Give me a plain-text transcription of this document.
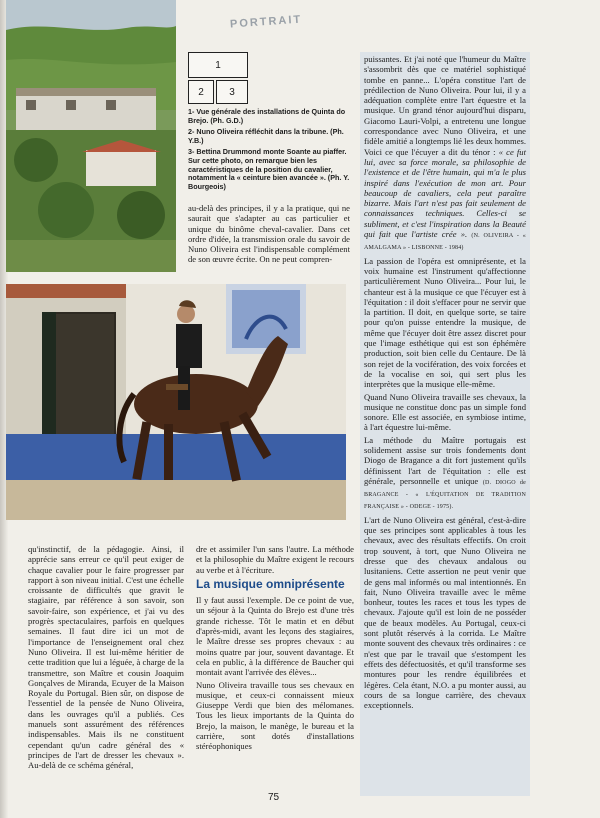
PORTRAIT
1
2	3

1- Vue générale des installations de Quinta do Brejo. (Ph. G.D.)

2- Nuno Oliveira réfléchit dans la tribune. (Ph. Y.B.)

3- Bettina Drummond monte Soante au piaffer. Sur cette photo, on remarque bien les caractéristiques de la position du cavalier, notamment la « ceinture bien avancée ». (Ph. Y. Bourgeois)

au-delà des principes, il y a la pratique, qui ne saurait que s'adapter au cas particulier et unique du binôme cheval-cavalier. Dans cet ordre d'idée, la transmission orale du savoir de Nuno Oliveira est l'indispensable complément de son œuvre écrite. On ne peut compren-

qu'instinctif, de la pédagogie. Ainsi, il apprécie sans erreur ce qu'il peut exiger de chaque cavalier pour le faire progresser par rapport à son niveau initial. C'est une échelle croissante de difficultés que gravit le stagiaire, par référence à son savoir, son savoir-faire, son expérience, et j'ai vu des progrès spectaculaires, parfois en quelques semaines. Il faut dire ici un mot de l'importance de l'enseignement oral chez Nuno Oliveira. Il est lui-même héritier de cette tradition que lui a léguée, à charge de la transmettre, son Maître et cousin Joaquim Gonçalves de Miranda, Ecuyer de la Maison Royale du Portugal. Bien sûr, on dispose de l'essentiel de la pensée de Nuno Oliveira, dans les ouvrages qu'il a publiés. Ces manuels sont assurément des références indispensables. Mais ils ne constituent cependant qu'un cadre général des « principes de l'art de dresser les chevaux ». Au-delà de ce schéma général,

dre et assimiler l'un sans l'autre. La méthode et la philosophie du Maître exigent le recours au verbe et à l'écriture.

La musique omniprésente

Il y faut aussi l'exemple. De ce point de vue, un séjour à la Quinta do Brejo est d'une très grande richesse. Tôt le matin et en début d'après-midi, avant les leçons des stagiaires, le Maître dresse ses propres chevaux : au moins quatre par jour, souvent davantage. Et cela en public, à la différence de Baucher qui montait avant l'arrivée des élèves...

Nuno Oliveira travaille tous ses chevaux en musique, et ceux-ci connaissent mieux Giuseppe Verdi que bien des mélomanes. Tous les lieux importants de la Quinta do Brejo, la maison, le manège, le bureau et la carrière, sont dotés d'installations stéréophoniques

puissantes. Et j'ai noté que l'humeur du Maître s'assombrit dès que ce matériel sophistiqué tombe en panne... L'opéra constitue l'art de prédilection de Nuno Oliveira. Pour lui, il y a adéquation complète entre l'art équestre et la musique. Un grand ténor aujourd'hui disparu, Giacomo Lauri-Volpi, a entretenu une longue correspondance avec Nuno Oliveira, et une fidèle amitié a longtemps lié les deux hommes. Voici ce que l'écuyer a dit du ténor : « ce fut lui, avec sa force morale, sa philosophie de l'existence et de l'être humain, qui m'a le plus inspiré dans l'exécution de mon art. Pour beaucoup de cavaliers, cela peut paraître bizarre. Mais l'art n'est pas fait seulement de connaissances techniques. Celles-ci se subliment, et c'est l'inspiration dans la Beauté qui fait que l'artiste crée ». (N. OLIVEIRA - « AMALGAMA » - LISBONNE - 1984)

La passion de l'opéra est omniprésente, et la voix humaine est l'instrument qu'affectionne particulièrement Nuno Oliveira... Pour lui, le chanteur est à la musique ce que l'écuyer est à l'équitation : il doit s'effacer pour ne servir que la partition. Il doit, en quelque sorte, se taire pour qu'on puisse entendre la musique, de même que l'écuyer doit être assez discret pour que l'image esthétique qui est son éphémère production, soit bien celle du Centaure. De là son rejet de la vocifération, des voix forcées et de la vocalise en soi, qui sert plus les interprètes que la musique elle-même.

Quand Nuno Oliveira travaille ses chevaux, la musique ne constitue donc pas un simple fond sonore. Elle est associée, en symbiose intime, à l'art équestre lui-même.

La méthode du Maître portugais est solidement assise sur trois fondements dont Diogo de Bragance a dit fort justement qu'ils définissent l'art de l'équitation : elle est générale, personnelle et unique (D. DIOGO de BRAGANCE - « L'ÉQUITATION DE TRADITION FRANÇAISE » - ODEGE - 1975).

L'art de Nuno Oliveira est général, c'est-à-dire que ses principes sont applicables à tous les chevaux, avec des résultats effectifs. On croit trop souvent, à tort, que Nuno Oliveira ne dresse que des chevaux andalous ou lusitaniens. Cette assertion ne peut venir que de gens mal informés ou mal intentionnés. En fait, Nuno Oliveira travaille avec le même bonheur, toutes les races et tous les types de chevaux. J'ajoute qu'il est loin de ne posséder que de beaux modèles. Au Portugal, ceux-ci sont plutôt réservés à la corrida. Le Maître monte souvent des chevaux très ordinaires : ce n'est que par le travail que s'estompent les effets des défectuosités, et qu'il transforme ses montures pour les rendre équilibrées et légères. Cela étant, N.O. a pu monter aussi, au cours de sa longue carrière, des chevaux exceptionnels.

75
